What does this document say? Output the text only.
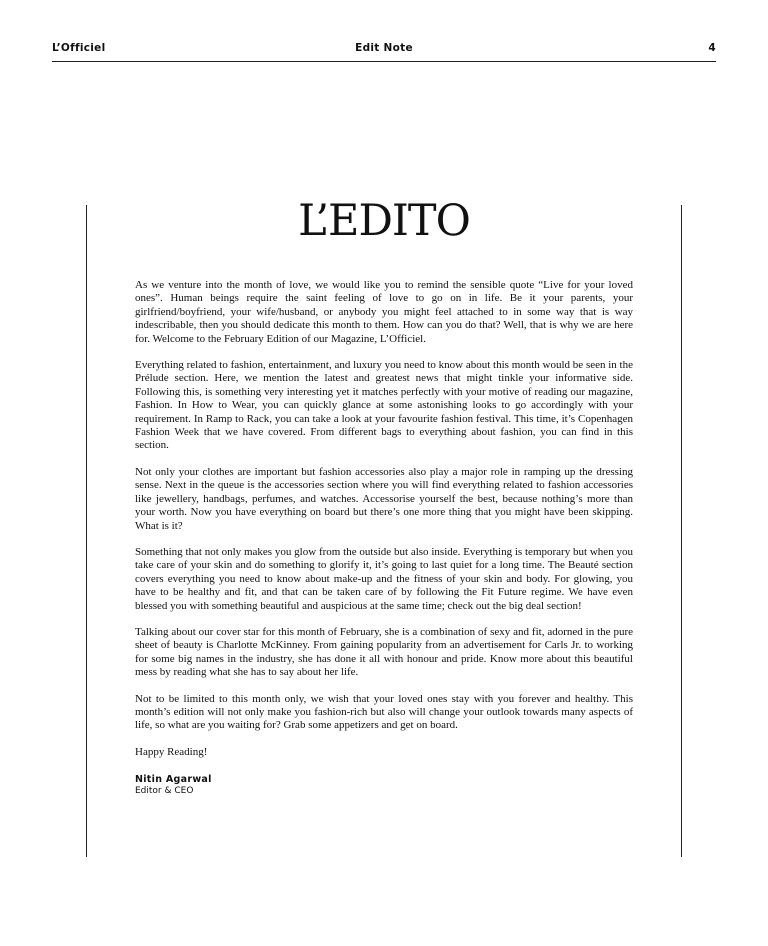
L’Officiel	Edit Note	4
L’EDITO

As we venture into the month of love, we would like you to remind the sensible quote “Live for your loved ones”. Human beings require the saint feeling of love to go on in life. Be it your parents, your girlfriend/boyfriend, your wife/husband, or anybody you might feel attached to in some way that is way indescribable, then you should dedicate this month to them. How can you do that? Well, that is why we are here for. Welcome to the February Edition of our Magazine, L’Officiel.

Everything related to fashion, entertainment, and luxury you need to know about this month would be seen in the Prélude section. Here, we mention the latest and greatest news that might tinkle your informative side. Following this, is something very interesting yet it matches perfectly with your motive of reading our magazine, Fashion. In How to Wear, you can quickly glance at some astonishing looks to go accordingly with your requirement. In Ramp to Rack, you can take a look at your favourite fashion festival. This time, it’s Copenhagen Fashion Week that we have covered. From different bags to everything about fashion, you can find in this section.

Not only your clothes are important but fashion accessories also play a major role in ramping up the dressing sense. Next in the queue is the accessories section where you will find everything related to fashion accessories like jewellery, handbags, perfumes, and watches. Accessorise yourself the best, because nothing’s more than your worth. Now you have everything on board but there’s one more thing that you might have been skipping. What is it?

Something that not only makes you glow from the outside but also inside. Everything is temporary but when you take care of your skin and do something to glorify it, it’s going to last quiet for a long time. The Beauté section covers everything you need to know about make-up and the fitness of your skin and body. For glowing, you have to be healthy and fit, and that can be taken care of by following the Fit Future regime. We have even blessed you with something beautiful and auspicious at the same time; check out the big deal section!

Talking about our cover star for this month of February, she is a combination of sexy and fit, adorned in the pure sheet of beauty is Charlotte McKinney. From gaining popularity from an advertisement for Carls Jr. to working for some big names in the industry, she has done it all with honour and pride. Know more about this beautiful mess by reading what she has to say about her life.

Not to be limited to this month only, we wish that your loved ones stay with you forever and healthy. This month’s edition will not only make you fashion-rich but also will change your outlook towards many aspects of life, so what are you waiting for? Grab some appetizers and get on board.

Happy Reading!

Nitin Agarwal
Editor & CEO
